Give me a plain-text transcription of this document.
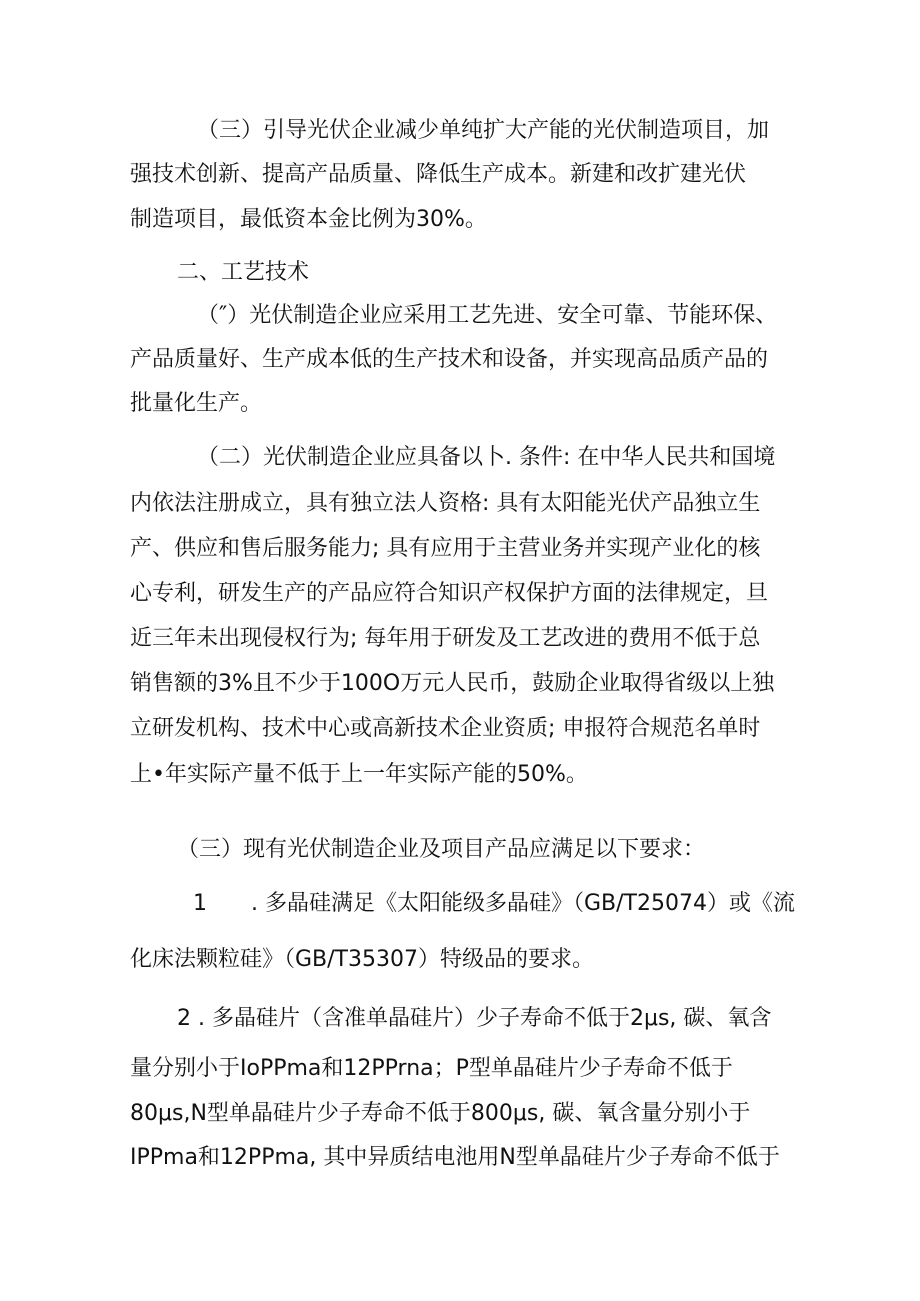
（三）引导光伏企业减少单纯扩大产能的光伏制造项目，加
强技术创新、提高产品质量、降低生产成本。新建和改扩建光伏
制造项目，最低资本金比例为30%。
二、工艺技术
（″）光伏制造企业应采用工艺先进、安全可靠、节能环保、
产品质量好、生产成本低的生产技术和设备，并实现高品质产品的
批量化生产。
（二）光伏制造企业应具备以卜. 条件: 在中华人民共和国境
内依法注册成立，具有独立法人资格: 具有太阳能光伏产品独立生
产、供应和售后服务能力; 具有应用于主营业务并实现产业化的核
心专利，研发生产的产品应符合知识产权保护方面的法律规定，旦
近三年未出现侵权行为; 每年用于研发及工艺改进的费用不低于总
销售额的3%且不少于100O万元人民币，鼓励企业取得省级以上独
立研发机构、技术中心或高新技术企业资质; 申报符合规范名单时
上•年实际产量不低于上一年实际产能的50%。
（三）现有光伏制造企业及项目产品应满足以下要求：
1　　. 多晶硅满足《太阳能级多晶硅》（GB/T25074）或《流
化床法颗粒硅》（GB/T35307）特级品的要求。
2 . 多晶硅片（含准单晶硅片）少子寿命不低于2μs, 碳、氧含
量分别小于IoPPma和12PPrna；P型单晶硅片少子寿命不低于
80μs,N型单晶硅片少子寿命不低于800μs, 碳、氧含量分别小于
IPPma和12PPma, 其中异质结电池用N型单晶硅片少子寿命不低于
